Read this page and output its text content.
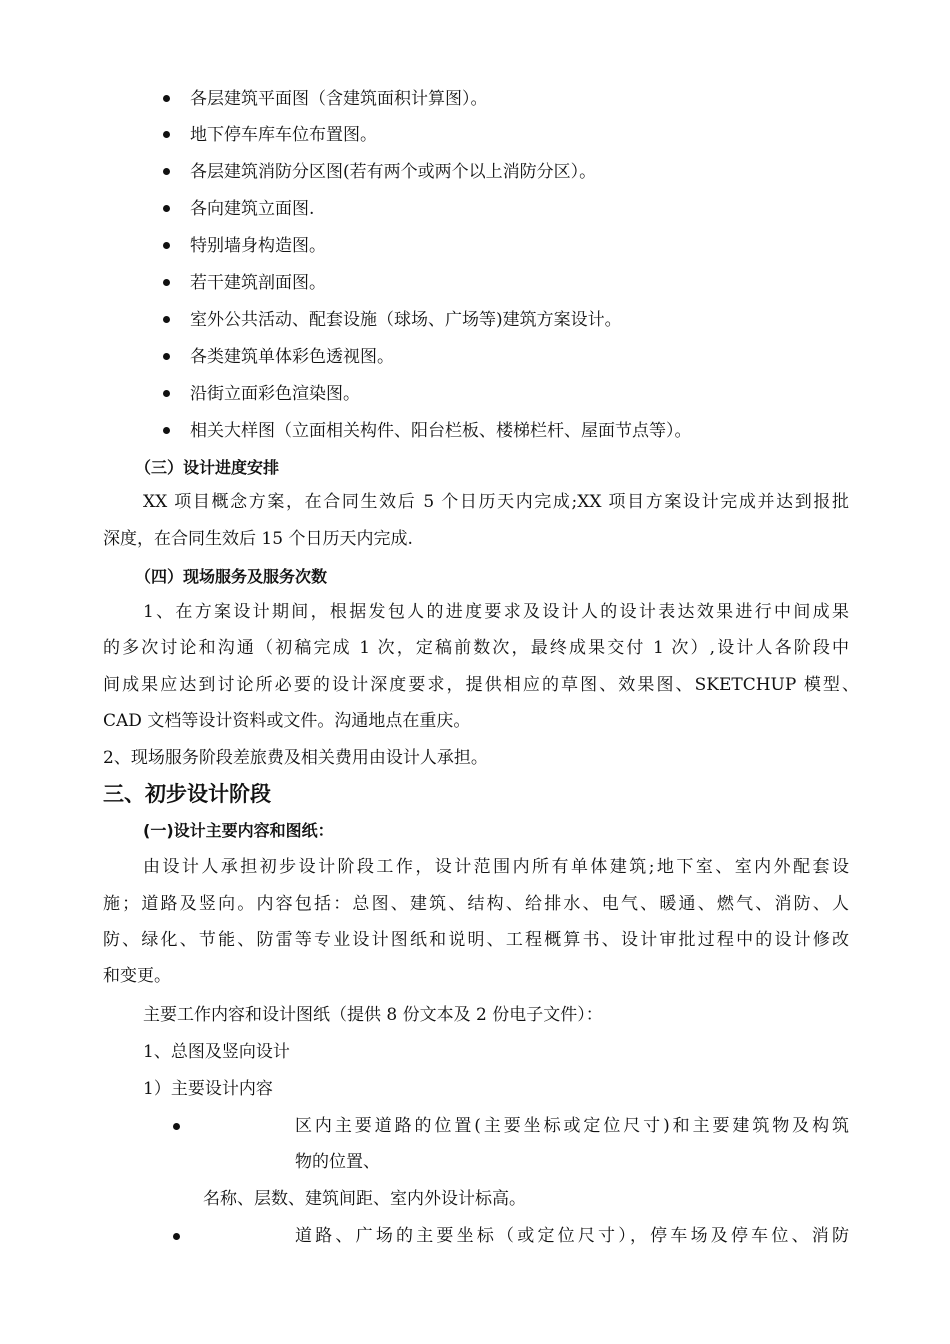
各层建筑平面图（含建筑面积计算图）。
地下停车库车位布置图。
各层建筑消防分区图(若有两个或两个以上消防分区）。
各向建筑立面图.
特别墙身构造图。
若干建筑剖面图。
室外公共活动、配套设施（球场、广场等)建筑方案设计。
各类建筑单体彩色透视图。
沿街立面彩色渲染图。
相关大样图（立面相关构件、阳台栏板、楼梯栏杆、屋面节点等）。
（三）设计进度安排
XX 项目概念方案，在合同生效后 5 个日历天内完成;XX 项目方案设计完成并达到报批
深度，在合同生效后 15 个日历天内完成.
（四）现场服务及服务次数
1、在方案设计期间，根据发包人的进度要求及设计人的设计表达效果进行中间成果
的多次讨论和沟通（初稿完成 1 次，定稿前数次，最终成果交付 1 次）,设计人各阶段中
间成果应达到讨论所必要的设计深度要求，提供相应的草图、效果图、SKETCHUP 模型、
CAD 文档等设计资料或文件。沟通地点在重庆。
2、现场服务阶段差旅费及相关费用由设计人承担。
三、初步设计阶段
(一)设计主要内容和图纸：
由设计人承担初步设计阶段工作，设计范围内所有单体建筑;地下室、室内外配套设
施；道路及竖向。内容包括：总图、建筑、结构、给排水、电气、暖通、燃气、消防、人
防、绿化、节能、防雷等专业设计图纸和说明、工程概算书、设计审批过程中的设计修改
和变更。
主要工作内容和设计图纸（提供 8 份文本及 2 份电子文件）：
1、总图及竖向设计
1）主要设计内容
区内主要道路的位置(主要坐标或定位尺寸)和主要建筑物及构筑
物的位置、
名称、层数、建筑间距、室内外设计标高。
道路、广场的主要坐标（或定位尺寸），停车场及停车位、消防
